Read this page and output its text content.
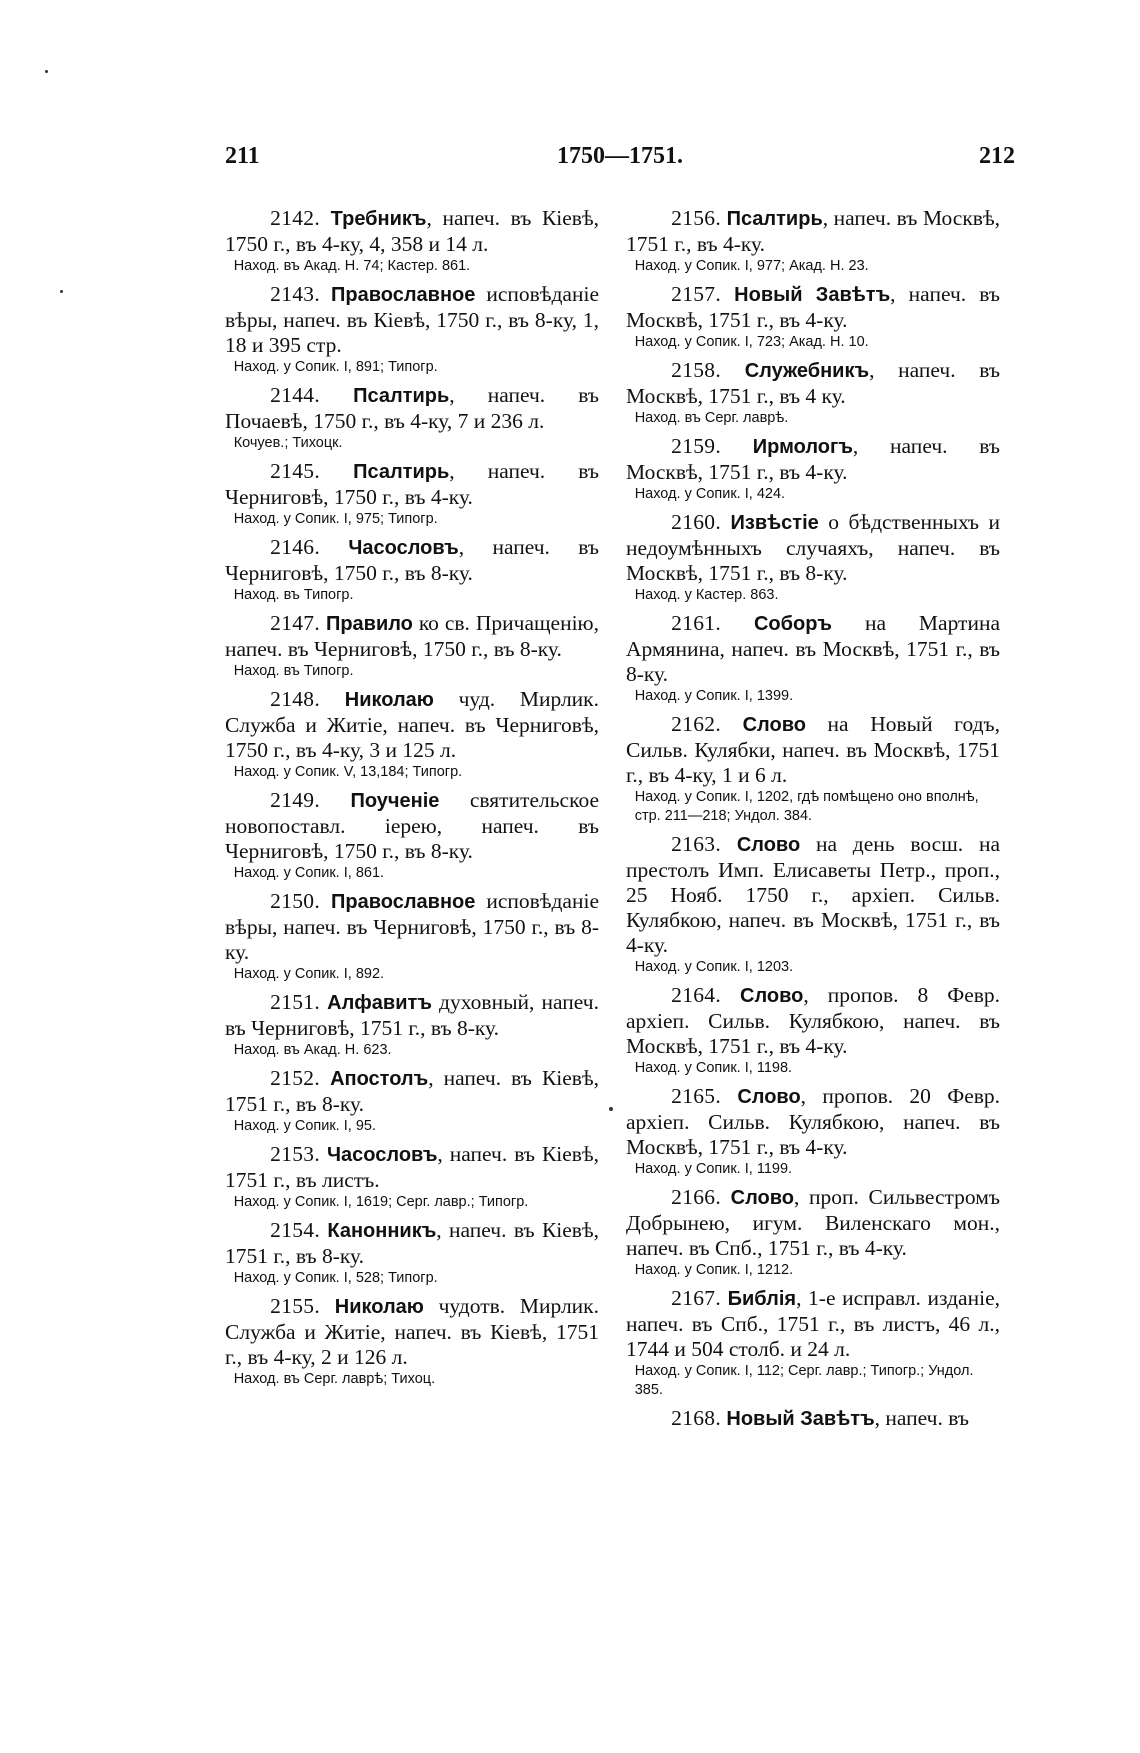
211	1750—1751.	212
2142. Требникъ, напеч. въ Кіевѣ, 1750 г., въ 4-ку, 4, 358 и 14 л.
Наход. въ Акад. Н. 74; Кастер. 861.
2143. Православное исповѣданіе вѣры, напеч. въ Кіевѣ, 1750 г., въ 8-ку, 1, 18 и 395 стр.
Наход. у Сопик. I, 891; Типогр.
2144. Псалтирь, напеч. въ Почаевѣ, 1750 г., въ 4-ку, 7 и 236 л.
Кочуев.; Тихоцк.
2145. Псалтирь, напеч. въ Черниговѣ, 1750 г., въ 4-ку.
Наход. у Сопик. I, 975; Типогр.
2146. Часословъ, напеч. въ Черниговѣ, 1750 г., въ 8-ку.
Наход. въ Типогр.
2147. Правило ко св. Причащенію, напеч. въ Черниговѣ, 1750 г., въ 8-ку.
Наход. въ Типогр.
2148. Николаю чуд. Мирлик. Служба и Житіе, напеч. въ Черниговѣ, 1750 г., въ 4-ку, 3 и 125 л.
Наход. у Сопик. V, 13,184; Типогр.
2149. Поученіе святительское новопоставл. іерею, напеч. въ Черниговѣ, 1750 г., въ 8-ку.
Наход. у Сопик. I, 861.
2150. Православное исповѣданіе вѣры, напеч. въ Черниговѣ, 1750 г., въ 8-ку.
Наход. у Сопик. I, 892.
2151. Алфавитъ духовный, напеч. въ Черниговѣ, 1751 г., въ 8-ку.
Наход. въ Акад. Н. 623.
2152. Апостолъ, напеч. въ Кіевѣ, 1751 г., въ 8-ку.
Наход. у Сопик. I, 95.
2153. Часословъ, напеч. въ Кіевѣ, 1751 г., въ листъ.
Наход. у Сопик. I, 1619; Серг. лавр.; Типогр.
2154. Канонникъ, напеч. въ Кіевѣ, 1751 г., въ 8-ку.
Наход. у Сопик. I, 528; Типогр.
2155. Николаю чудотв. Мирлик. Служба и Житіе, напеч. въ Кіевѣ, 1751 г., въ 4-ку, 2 и 126 л.
Наход. въ Серг. лаврѣ; Тихоц.
2156. Псалтирь, напеч. въ Москвѣ, 1751 г., въ 4-ку.
Наход. у Сопик. I, 977; Акад. Н. 23.
2157. Новый Завѣтъ, напеч. въ Москвѣ, 1751 г., въ 4-ку.
Наход. у Сопик. I, 723; Акад. Н. 10.
2158. Служебникъ, напеч. въ Москвѣ, 1751 г., въ 4 ку.
Наход. въ Серг. лаврѣ.
2159. Ирмологъ, напеч. въ Москвѣ, 1751 г., въ 4-ку.
Наход. у Сопик. I, 424.
2160. Извѣстіе о бѣдственныхъ и недоумѣнныхъ случаяхъ, напеч. въ Москвѣ, 1751 г., въ 8-ку.
Наход. у Кастер. 863.
2161. Соборъ на Мартина Армянина, напеч. въ Москвѣ, 1751 г., въ 8-ку.
Наход. у Сопик. I, 1399.
2162. Слово на Новый годъ, Сильв. Кулябки, напеч. въ Москвѣ, 1751 г., въ 4-ку, 1 и 6 л.
Наход. у Сопик. I, 1202, гдѣ помѣщено оно вполнѣ, стр. 211—218; Ундол. 384.
2163. Слово на день восш. на престолъ Имп. Елисаветы Петр., проп., 25 Нояб. 1750 г., архіеп. Сильв. Кулябкою, напеч. въ Москвѣ, 1751 г., въ 4-ку.
Наход. у Сопик. I, 1203.
2164. Слово, пропов. 8 Февр. архіеп. Сильв. Кулябкою, напеч. въ Москвѣ, 1751 г., въ 4-ку.
Наход. у Сопик. I, 1198.
2165. Слово, пропов. 20 Февр. архіеп. Сильв. Кулябкою, напеч. въ Москвѣ, 1751 г., въ 4-ку.
Наход. у Сопик. I, 1199.
2166. Слово, проп. Сильвестромъ Добрынею, игум. Виленскаго мон., напеч. въ Спб., 1751 г., въ 4-ку.
Наход. у Сопик. I, 1212.
2167. Библія, 1-е исправл. изданіе, напеч. въ Спб., 1751 г., въ листъ, 46 л., 1744 и 504 столб. и 24 л.
Наход. у Сопик. I, 112; Серг. лавр.; Типогр.; Ундол. 385.
2168. Новый Завѣтъ, напеч. въ
